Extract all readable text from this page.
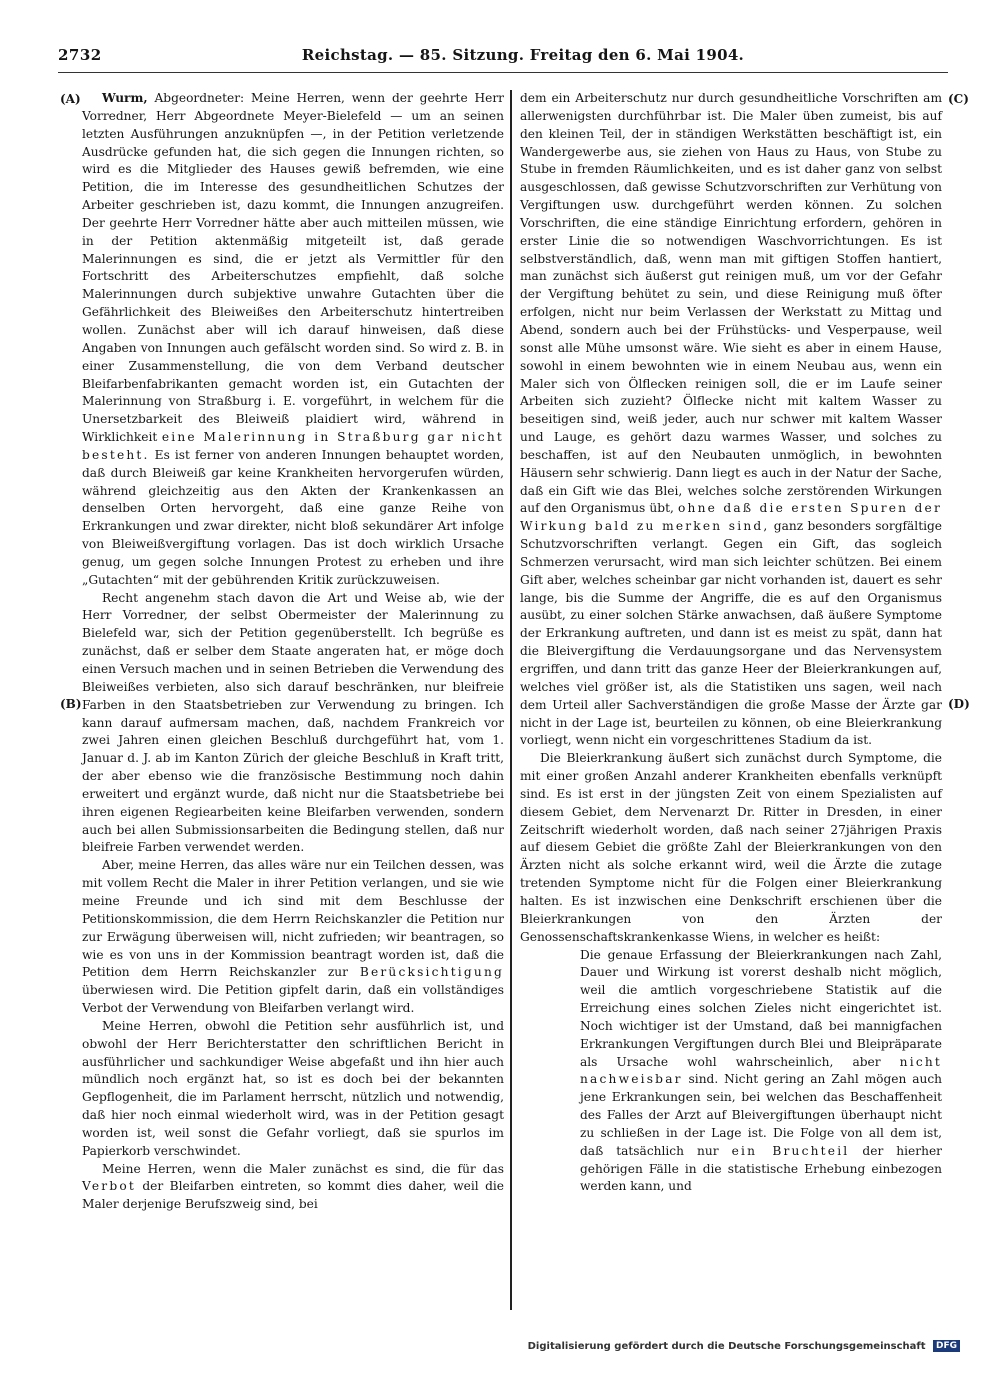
2732	Reichstag. — 85. Sitzung. Freitag den 6. Mai 1904.
(A)
(B)
(C)
(D)

Wurm, Abgeordneter: Meine Herren, wenn der geehrte Herr Vorredner, Herr Abgeordnete Meyer-Bielefeld — um an seinen letzten Ausführungen anzuknüpfen —, in der Petition verletzende Ausdrücke gefunden hat, die sich gegen die Innungen richten, so wird es die Mitglieder des Hauses gewiß befremden, wie eine Petition, die im Interesse des gesundheitlichen Schutzes der Arbeiter geschrieben ist, dazu kommt, die Innungen anzugreifen. Der geehrte Herr Vorredner hätte aber auch mitteilen müssen, wie in der Petition aktenmäßig mitgeteilt ist, daß gerade Malerinnungen es sind, die er jetzt als Vermittler für den Fortschritt des Arbeiterschutzes empfiehlt, daß solche Malerinnungen durch subjektive unwahre Gutachten über die Gefährlichkeit des Bleiweißes den Arbeiterschutz hintertreiben wollen. Zunächst aber will ich darauf hinweisen, daß diese Angaben von Innungen auch gefälscht worden sind. So wird z. B. in einer Zusammenstellung, die von dem Verband deutscher Bleifarbenfabrikanten gemacht worden ist, ein Gutachten der Malerinnung von Straßburg i. E. vorgeführt, in welchem für die Unersetzbarkeit des Bleiweiß plaidiert wird, während in Wirklichkeit eine Malerinnung in Straßburg gar nicht besteht. Es ist ferner von anderen Innungen behauptet worden, daß durch Bleiweiß gar keine Krankheiten hervorgerufen würden, während gleichzeitig aus den Akten der Krankenkassen an denselben Orten hervorgeht, daß eine ganze Reihe von Erkrankungen und zwar direkter, nicht bloß sekundärer Art infolge von Bleiweißvergiftung vorlagen. Das ist doch wirklich Ursache genug, um gegen solche Innungen Protest zu erheben und ihre „Gutachten“ mit der gebührenden Kritik zurückzuweisen.

Recht angenehm stach davon die Art und Weise ab, wie der Herr Vorredner, der selbst Obermeister der Malerinnung zu Bielefeld war, sich der Petition gegenüberstellt. Ich begrüße es zunächst, daß er selber dem Staate angeraten hat, er möge doch einen Versuch machen und in seinen Betrieben die Verwendung des Bleiweißes verbieten, also sich darauf beschränken, nur bleifreie Farben in den Staatsbetrieben zur Verwendung zu bringen. Ich kann darauf aufmersam machen, daß, nachdem Frankreich vor zwei Jahren einen gleichen Beschluß durchgeführt hat, vom 1. Januar d. J. ab im Kanton Zürich der gleiche Beschluß in Kraft tritt, der aber ebenso wie die französische Bestimmung noch dahin erweitert und ergänzt wurde, daß nicht nur die Staatsbetriebe bei ihren eigenen Regiearbeiten keine Bleifarben verwenden, sondern auch bei allen Submissionsarbeiten die Bedingung stellen, daß nur bleifreie Farben verwendet werden.

Aber, meine Herren, das alles wäre nur ein Teilchen dessen, was mit vollem Recht die Maler in ihrer Petition verlangen, und sie wie meine Freunde und ich sind mit dem Beschlusse der Petitionskommission, die dem Herrn Reichskanzler die Petition nur zur Erwägung überweisen will, nicht zufrieden; wir beantragen, so wie es von uns in der Kommission beantragt worden ist, daß die Petition dem Herrn Reichskanzler zur Berücksichtigung überwiesen wird. Die Petition gipfelt darin, daß ein vollständiges Verbot der Verwendung von Bleifarben verlangt wird.

Meine Herren, obwohl die Petition sehr ausführlich ist, und obwohl der Herr Berichterstatter den schriftlichen Bericht in ausführlicher und sachkundiger Weise abgefaßt und ihn hier auch mündlich noch ergänzt hat, so ist es doch bei der bekannten Gepflogenheit, die im Parlament herrscht, nützlich und notwendig, daß hier noch einmal wiederholt wird, was in der Petition gesagt worden ist, weil sonst die Gefahr vorliegt, daß sie spurlos im Papierkorb verschwindet.

Meine Herren, wenn die Maler zunächst es sind, die für das Verbot der Bleifarben eintreten, so kommt dies daher, weil die Maler derjenige Berufszweig sind, bei

dem ein Arbeiterschutz nur durch gesundheitliche Vorschriften am allerwenigsten durchführbar ist. Die Maler üben zumeist, bis auf den kleinen Teil, der in ständigen Werkstätten beschäftigt ist, ein Wandergewerbe aus, sie ziehen von Haus zu Haus, von Stube zu Stube in fremden Räumlichkeiten, und es ist daher ganz von selbst ausgeschlossen, daß gewisse Schutzvorschriften zur Verhütung von Vergiftungen usw. durchgeführt werden können. Zu solchen Vorschriften, die eine ständige Einrichtung erfordern, gehören in erster Linie die so notwendigen Waschvorrichtungen. Es ist selbstverständlich, daß, wenn man mit giftigen Stoffen hantiert, man zunächst sich äußerst gut reinigen muß, um vor der Gefahr der Vergiftung behütet zu sein, und diese Reinigung muß öfter erfolgen, nicht nur beim Verlassen der Werkstatt zu Mittag und Abend, sondern auch bei der Frühstücks- und Vesperpause, weil sonst alle Mühe umsonst wäre. Wie sieht es aber in einem Hause, sowohl in einem bewohnten wie in einem Neubau aus, wenn ein Maler sich von Ölflecken reinigen soll, die er im Laufe seiner Arbeiten sich zuzieht? Ölflecke nicht mit kaltem Wasser zu beseitigen sind, weiß jeder, auch nur schwer mit kaltem Wasser und Lauge, es gehört dazu warmes Wasser, und solches zu beschaffen, ist auf den Neubauten unmöglich, in bewohnten Häusern sehr schwierig. Dann liegt es auch in der Natur der Sache, daß ein Gift wie das Blei, welches solche zerstörenden Wirkungen auf den Organismus übt, ohne daß die ersten Spuren der Wirkung bald zu merken sind, ganz besonders sorgfältige Schutzvorschriften verlangt. Gegen ein Gift, das sogleich Schmerzen verursacht, wird man sich leichter schützen. Bei einem Gift aber, welches scheinbar gar nicht vorhanden ist, dauert es sehr lange, bis die Summe der Angriffe, die es auf den Organismus ausübt, zu einer solchen Stärke anwachsen, daß äußere Symptome der Erkrankung auftreten, und dann ist es meist zu spät, dann hat die Bleivergiftung die Verdauungsorgane und das Nervensystem ergriffen, und dann tritt das ganze Heer der Bleierkrankungen auf, welches viel größer ist, als die Statistiken uns sagen, weil nach dem Urteil aller Sachverständigen die große Masse der Ärzte gar nicht in der Lage ist, beurteilen zu können, ob eine Bleierkrankung vorliegt, wenn nicht ein vorgeschrittenes Stadium da ist.

Die Bleierkrankung äußert sich zunächst durch Symptome, die mit einer großen Anzahl anderer Krankheiten ebenfalls verknüpft sind. Es ist erst in der jüngsten Zeit von einem Spezialisten auf diesem Gebiet, dem Nervenarzt Dr. Ritter in Dresden, in einer Zeitschrift wiederholt worden, daß nach seiner 27jährigen Praxis auf diesem Gebiet die größte Zahl der Bleierkrankungen von den Ärzten nicht als solche erkannt wird, weil die Ärzte die zutage tretenden Symptome nicht für die Folgen einer Bleierkrankung halten. Es ist inzwischen eine Denkschrift erschienen über die Bleierkrankungen von den Ärzten der Genossenschaftskrankenkasse Wiens, in welcher es heißt:

Die genaue Erfassung der Bleierkrankungen nach Zahl, Dauer und Wirkung ist vorerst deshalb nicht möglich, weil die amtlich vorgeschriebene Statistik auf die Erreichung eines solchen Zieles nicht eingerichtet ist. Noch wichtiger ist der Umstand, daß bei mannigfachen Erkrankungen Vergiftungen durch Blei und Bleipräparate als Ursache wohl wahrscheinlich, aber nicht nachweisbar sind. Nicht gering an Zahl mögen auch jene Erkrankungen sein, bei welchen das Beschaffenheit des Falles der Arzt auf Bleivergiftungen überhaupt nicht zu schließen in der Lage ist. Die Folge von all dem ist, daß tatsächlich nur ein Bruchteil der hierher gehörigen Fälle in die statistische Erhebung einbezogen werden kann, und

Digitalisierung gefördert durch die Deutsche Forschungsgemeinschaft DFG
